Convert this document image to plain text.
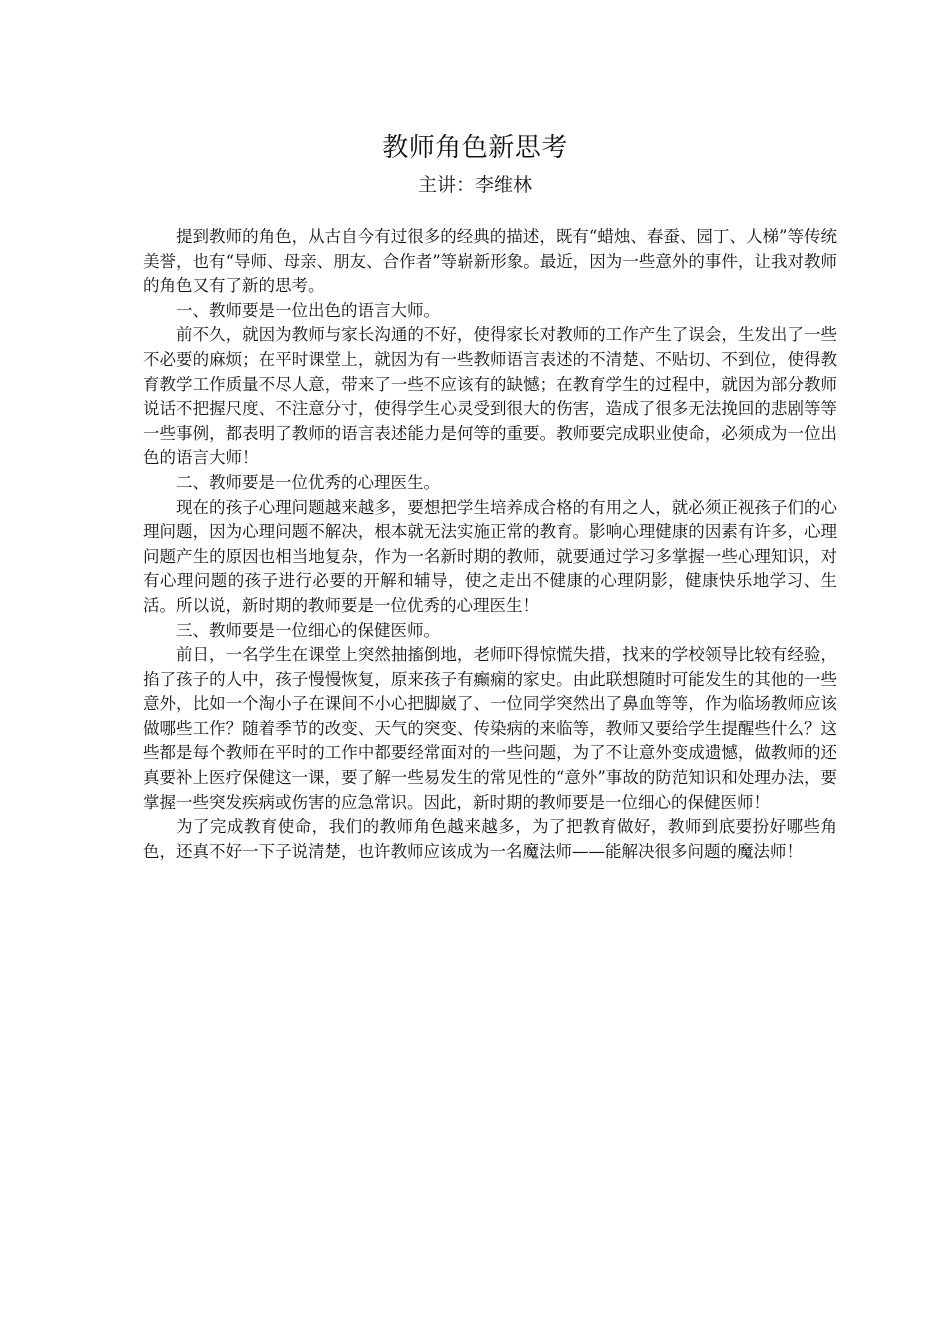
教师角色新思考
主讲：李维林

提到教师的角色，从古自今有过很多的经典的描述，既有“蜡烛、春蚕、园丁、人梯”等传统美誉，也有“导师、母亲、朋友、合作者”等崭新形象。最近，因为一些意外的事件，让我对教师的角色又有了新的思考。

一、教师要是一位出色的语言大师。

前不久，就因为教师与家长沟通的不好，使得家长对教师的工作产生了误会，生发出了一些不必要的麻烦；在平时课堂上，就因为有一些教师语言表述的不清楚、不贴切、不到位，使得教育教学工作质量不尽人意，带来了一些不应该有的缺憾；在教育学生的过程中，就因为部分教师说话不把握尺度、不注意分寸，使得学生心灵受到很大的伤害，造成了很多无法挽回的悲剧等等一些事例，都表明了教师的语言表述能力是何等的重要。教师要完成职业使命，必须成为一位出色的语言大师！

二、教师要是一位优秀的心理医生。

现在的孩子心理问题越来越多，要想把学生培养成合格的有用之人，就必须正视孩子们的心理问题，因为心理问题不解决，根本就无法实施正常的教育。影响心理健康的因素有许多，心理问题产生的原因也相当地复杂，作为一名新时期的教师，就要通过学习多掌握一些心理知识，对有心理问题的孩子进行必要的开解和辅导，使之走出不健康的心理阴影，健康快乐地学习、生活。所以说，新时期的教师要是一位优秀的心理医生！

三、教师要是一位细心的保健医师。

前日，一名学生在课堂上突然抽搐倒地，老师吓得惊慌失措，找来的学校领导比较有经验，掐了孩子的人中，孩子慢慢恢复，原来孩子有癫痫的家史。由此联想随时可能发生的其他的一些意外，比如一个淘小子在课间不小心把脚崴了、一位同学突然出了鼻血等等，作为临场教师应该做哪些工作？随着季节的改变、天气的突变、传染病的来临等，教师又要给学生提醒些什么？这些都是每个教师在平时的工作中都要经常面对的一些问题，为了不让意外变成遗憾，做教师的还真要补上医疗保健这一课，要了解一些易发生的常见性的“意外”事故的防范知识和处理办法，要掌握一些突发疾病或伤害的应急常识。因此，新时期的教师要是一位细心的保健医师！

为了完成教育使命，我们的教师角色越来越多，为了把教育做好，教师到底要扮好哪些角色，还真不好一下子说清楚，也许教师应该成为一名魔法师——能解决很多问题的魔法师！
